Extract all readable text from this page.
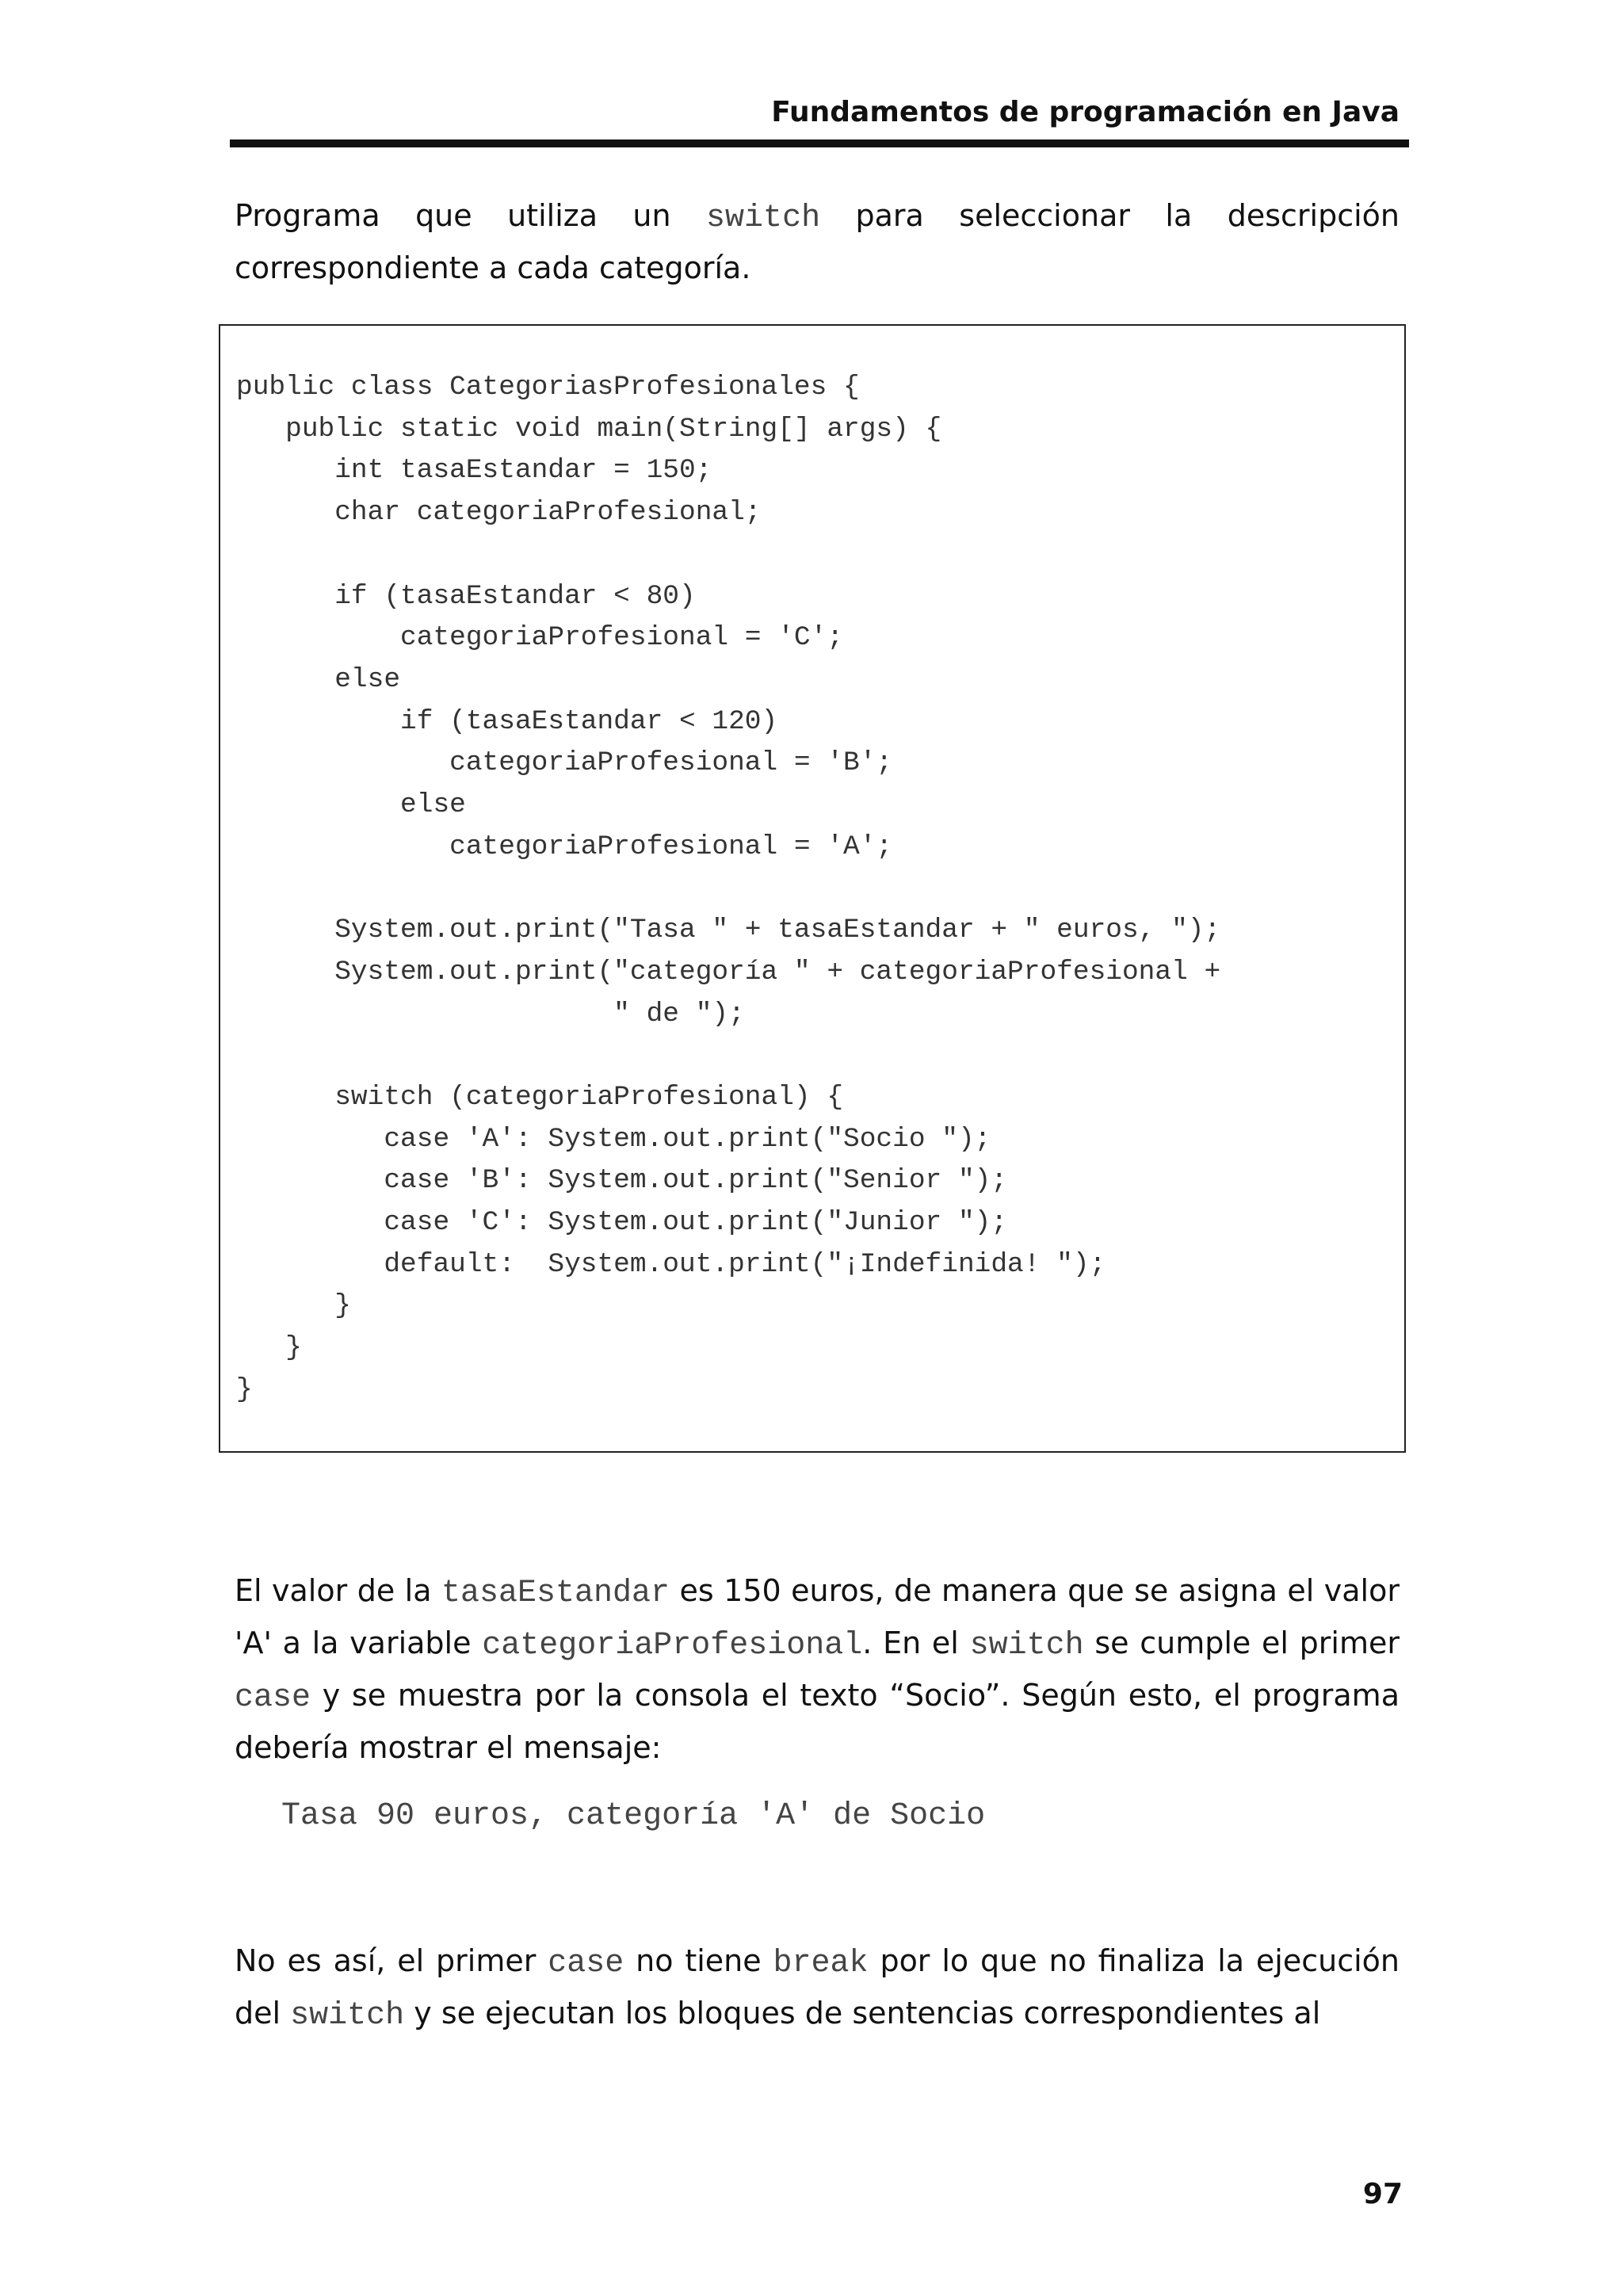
Fundamentos de programación en Java

Programa que utiliza un switch para seleccionar la descripción correspondiente a cada categoría.

public class CategoriasProfesionales {
public static void main(String[] args) {
int tasaEstandar = 150;
char categoriaProfesional;

if (tasaEstandar < 80)
categoriaProfesional = 'C';
else
if (tasaEstandar < 120)
categoriaProfesional = 'B';
else
categoriaProfesional = 'A';

System.out.print("Tasa " + tasaEstandar + " euros, ");
System.out.print("categoría " + categoriaProfesional +
" de ");

switch (categoriaProfesional) {
case 'A': System.out.print("Socio ");
case 'B': System.out.print("Senior ");
case 'C': System.out.print("Junior ");
default:  System.out.print("¡Indefinida! ");
}
}
}

El valor de la tasaEstandar es 150 euros, de manera que se asigna el valor 'A' a la variable categoriaProfesional. En el switch se cumple el primer case y se muestra por la consola el texto “Socio”. Según esto, el programa debería mostrar el mensaje:

Tasa 90 euros, categoría 'A' de Socio

No es así, el primer case no tiene break por lo que no finaliza la ejecución del switch y se ejecutan los bloques de sentencias correspondientes al

97
